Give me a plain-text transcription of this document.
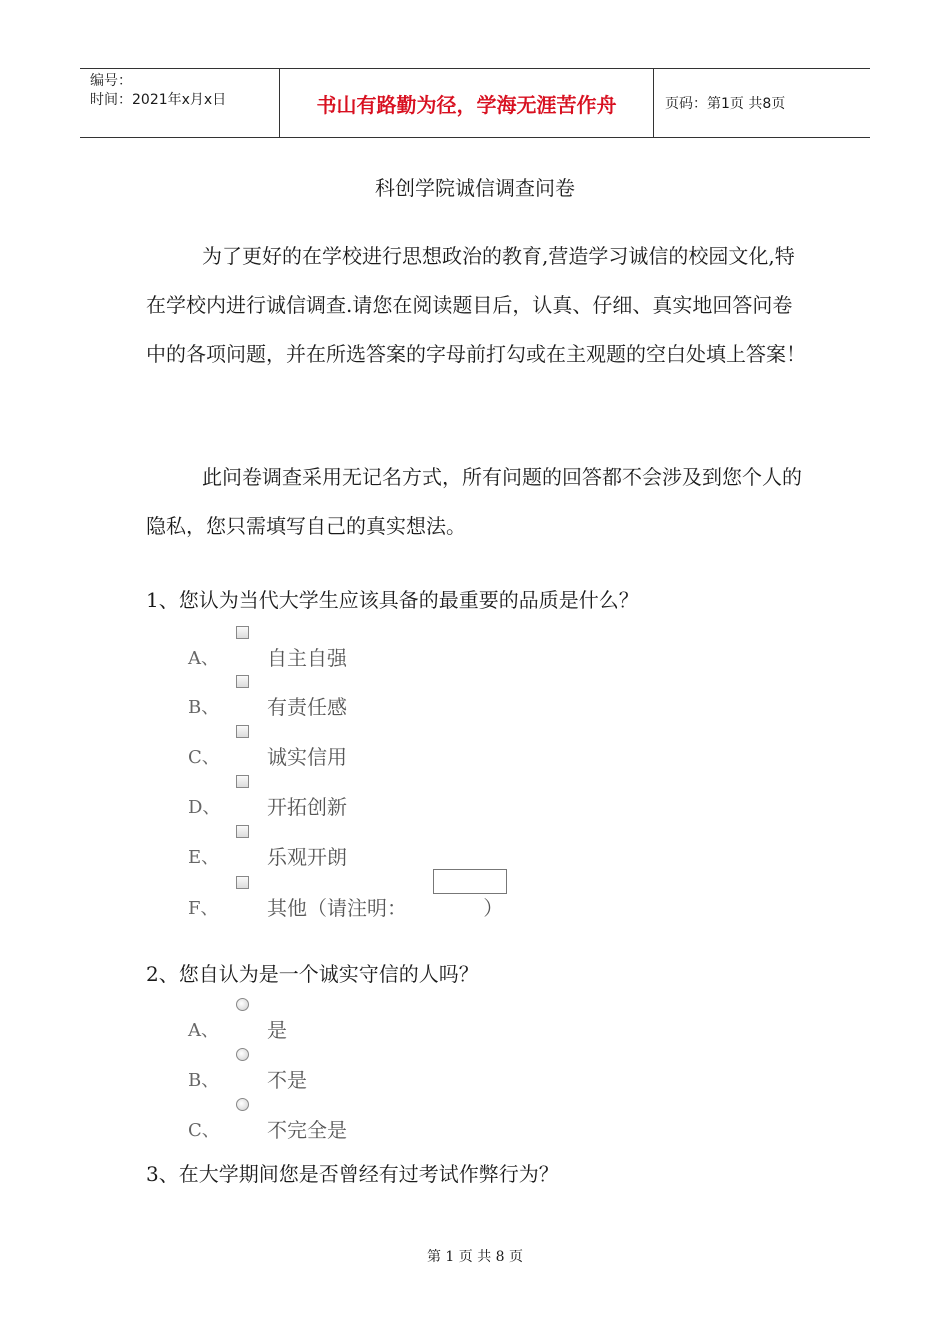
编号：
时间：2021年x月x日	书山有路勤为径，学海无涯苦作舟	页码：第1页 共8页
科创学院诚信调查问卷

为了更好的在学校进行思想政治的教育,营造学习诚信的校园文化,特在学校内进行诚信调查.请您在阅读题目后，认真、仔细、真实地回答问卷中的各项问题，并在所选答案的字母前打勾或在主观题的空白处填上答案！

此问卷调查采用无记名方式，所有问题的回答都不会涉及到您个人的隐私，您只需填写自己的真实想法。

1、您认为当代大学生应该具备的最重要的品质是什么？
A、 自主自强
B、 有责任感
C、 诚实信用
D、 开拓创新
E、 乐观开朗
F、 其他（请注明：            ）
2、您自认为是一个诚实守信的人吗？
A、 是
B、 不是
C、 不完全是
3、在大学期间您是否曾经有过考试作弊行为？
第 1 页 共 8 页
